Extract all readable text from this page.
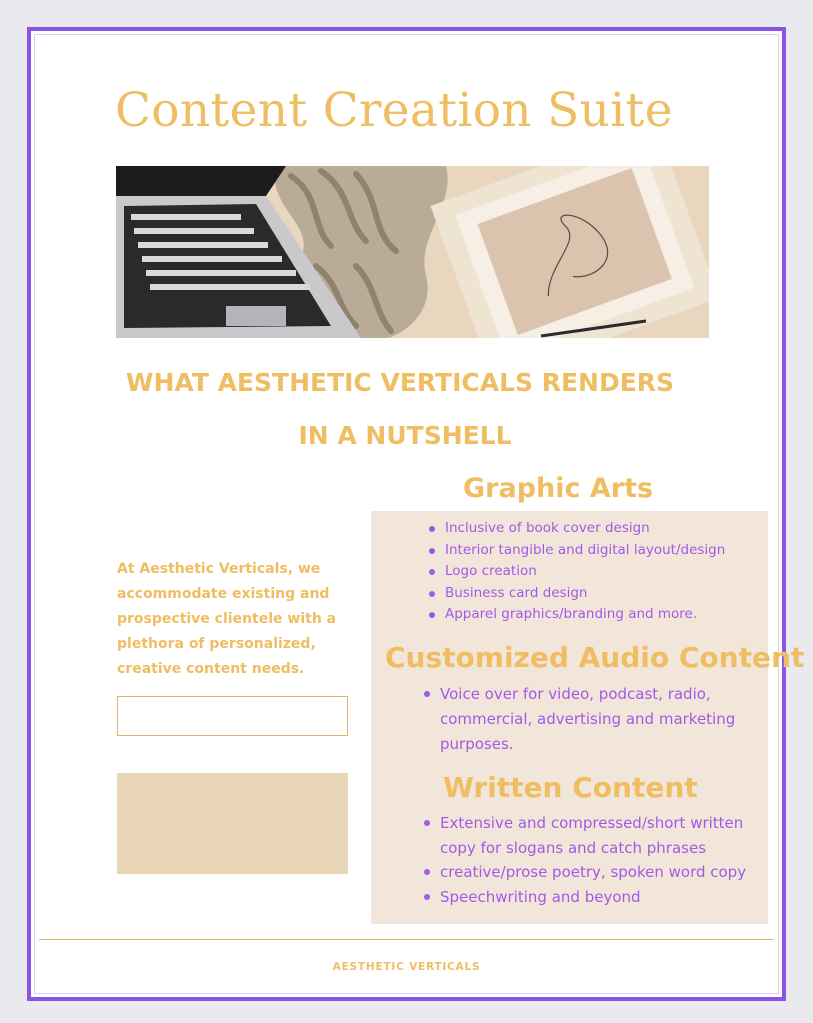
Content Creation Suite
WHAT AESTHETIC VERTICALS RENDERS
IN A NUTSHELL
Graphic Arts

At Aesthetic Verticals, we accommodate existing and prospective clientele with a plethora of personalized, creative content needs.

Inclusive of book cover design
Interior tangible and digital layout/design
Logo creation
Business card design
Apparel graphics/branding and more.
Customized Audio Content
Voice over for video, podcast, radio, commercial, advertising and marketing purposes.
Written Content
Extensive and compressed/short written copy for slogans and catch phrases
creative/prose poetry, spoken word copy
Speechwriting and beyond
AESTHETIC VERTICALS
